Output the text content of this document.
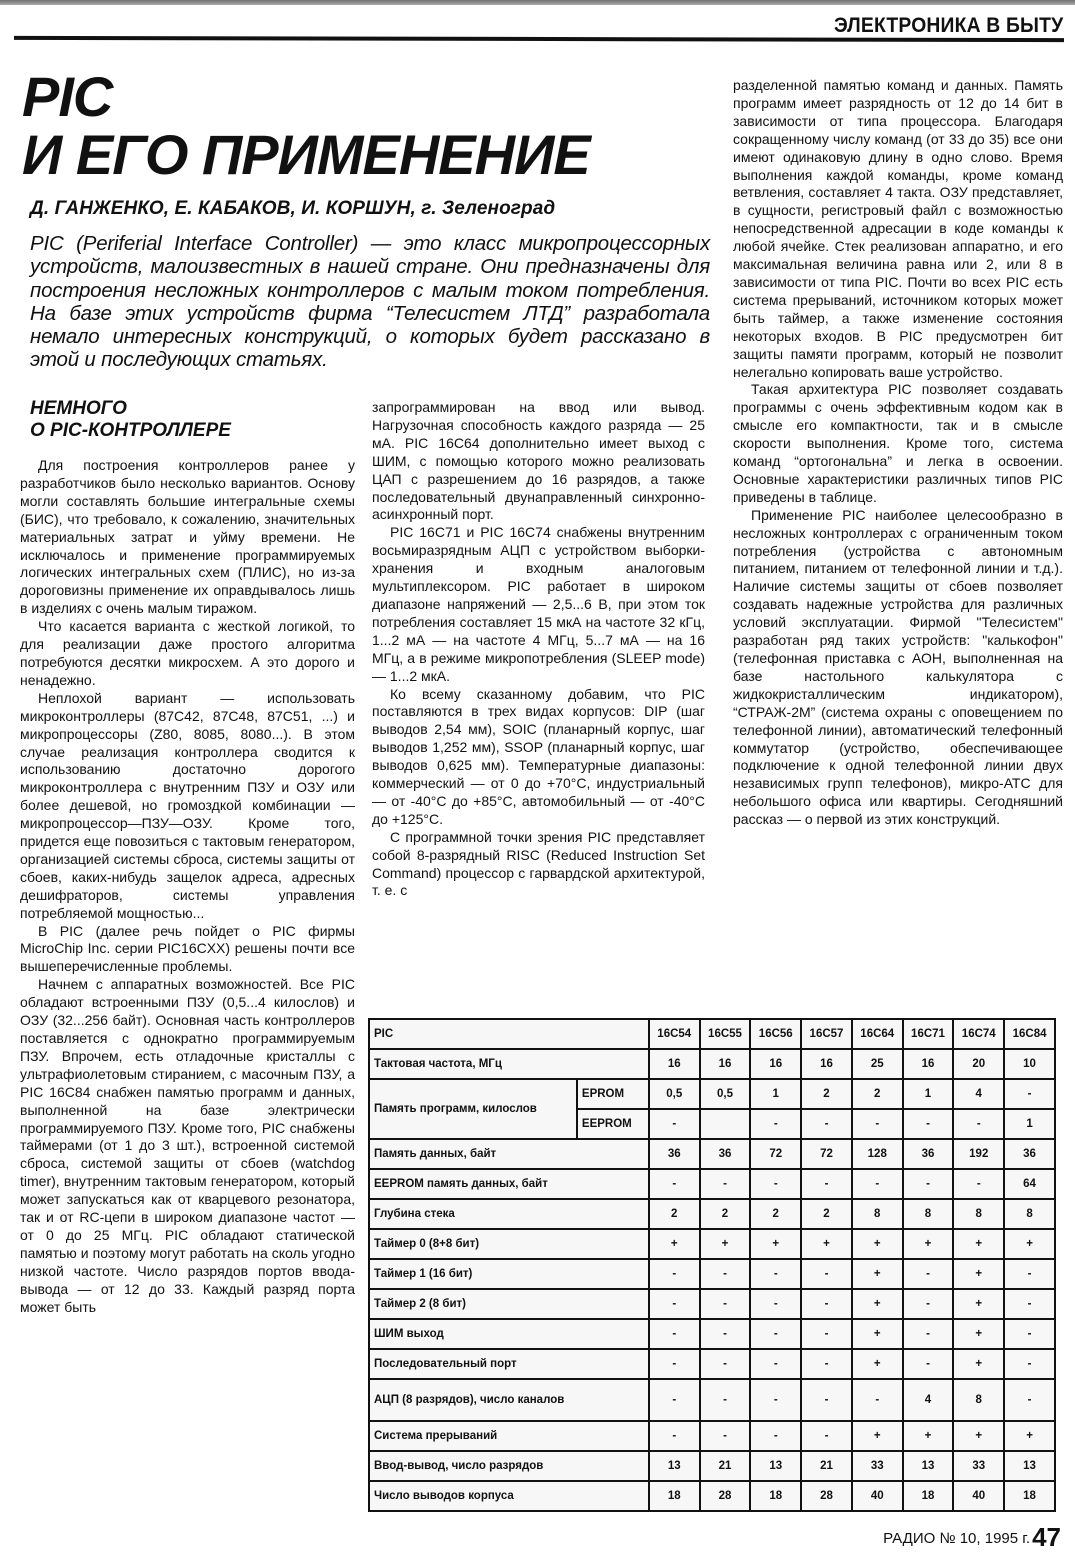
ЭЛЕКТРОНИКА В БЫТУ
PIC
И ЕГО ПРИМЕНЕНИЕ
Д. ГАНЖЕНКО, Е. КАБАКОВ, И. КОРШУН, г. Зеленоград
PIC (Periferial Interface Controller) — это класс микропроцессорных устройств, малоизвестных в нашей стране. Они предназначены для построения несложных контроллеров с малым током потребления. На базе этих устройств фирма “Телесистем ЛТД” разработала немало интересных конструкций, о которых будет рассказано в этой и последующих статьях.
НЕМНОГО
О PIC-КОНТРОЛЛЕРЕ

Для построения контроллеров ранее у разработчиков было несколько вариантов. Основу могли составлять большие интегральные схемы (БИС), что требовало, к сожалению, значительных материальных затрат и уйму времени. Не исключалось и применение программируемых логических интегральных схем (ПЛИС), но из-за дороговизны применение их оправдывалось лишь в изделиях с очень малым тиражом.

Что касается варианта с жесткой логикой, то для реализации даже простого алгоритма потребуются десятки микросхем. А это дорого и ненадежно.

Неплохой вариант — использовать микроконтроллеры (87C42, 87C48, 87C51, ...) и микропроцессоры (Z80, 8085, 8080...). В этом случае реализация контроллера сводится к использованию достаточно дорогого микроконтроллера с внутренним ПЗУ и ОЗУ или более дешевой, но громоздкой комбинации — микропроцессор—ПЗУ—ОЗУ. Кроме того, придется еще повозиться с тактовым генератором, организацией системы сброса, системы защиты от сбоев, каких-нибудь защелок адреса, адресных дешифраторов, системы управления потребляемой мощностью...

В PIC (далее речь пойдет о PIC фирмы MicroChip Inc. серии PIC16CXX) решены почти все вышеперечисленные проблемы.

Начнем с аппаратных возможностей. Все PIC обладают встроенными ПЗУ (0,5...4 килослов) и ОЗУ (32...256 байт). Основная часть контроллеров поставляется с однократно программируемым ПЗУ. Впрочем, есть отладочные кристаллы с ультрафиолетовым стиранием, с масочным ПЗУ, а PIC 16C84 снабжен памятью программ и данных, выполненной на базе электрически программируемого ПЗУ. Кроме того, PIC снабжены таймерами (от 1 до 3 шт.), встроенной системой сброса, системой защиты от сбоев (watchdog timer), внутренним тактовым генератором, который может запускаться как от кварцевого резонатора, так и от RC-цепи в широком диапазоне частот — от 0 до 25 МГц. PIC обладают статической памятью и поэтому могут работать на сколь угодно низкой частоте. Число разрядов портов ввода-вывода — от 12 до 33. Каждый разряд порта может быть

запрограммирован на ввод или вывод. Нагрузочная способность каждого разряда — 25 мА. PIC 16C64 дополнительно имеет выход с ШИМ, с помощью которого можно реализовать ЦАП с разрешением до 16 разрядов, а также последовательный двунаправленный синхронно-асинхронный порт.

PIC 16C71 и PIC 16C74 снабжены внутренним восьмиразрядным АЦП с устройством выборки-хранения и входным аналоговым мультиплексором. PIC работает в широком диапазоне напряжений — 2,5...6 В, при этом ток потребления составляет 15 мкА на частоте 32 кГц, 1...2 мА — на частоте 4 МГц, 5...7 мА — на 16 МГц, а в режиме микропотребления (SLEEP mode) — 1...2 мкА.

Ко всему сказанному добавим, что PIC поставляются в трех видах корпусов: DIP (шаг выводов 2,54 мм), SOIC (планарный корпус, шаг выводов 1,252 мм), SSOP (планарный корпус, шаг выводов 0,625 мм). Температурные диапазоны: коммерческий — от 0 до +70°С, индустриальный — от -40°С до +85°С, автомобильный — от -40°С до +125°С.

С программной точки зрения PIC представляет собой 8-разрядный RISC (Reduced Instruction Set Command) процессор с гарвардской архитектурой, т. е. с

разделенной памятью команд и данных. Память программ имеет разрядность от 12 до 14 бит в зависимости от типа процессора. Благодаря сокращенному числу команд (от 33 до 35) все они имеют одинаковую длину в одно слово. Время выполнения каждой команды, кроме команд ветвления, составляет 4 такта. ОЗУ представляет, в сущности, регистровый файл с возможностью непосредственной адресации в коде команды к любой ячейке. Стек реализован аппаратно, и его максимальная величина равна или 2, или 8 в зависимости от типа PIC. Почти во всех PIC есть система прерываний, источником которых может быть таймер, а также изменение состояния некоторых входов. В PIC предусмотрен бит защиты памяти программ, который не позволит нелегально копировать ваше устройство.

Такая архитектура PIC позволяет создавать программы с очень эффективным кодом как в смысле его компактности, так и в смысле скорости выполнения. Кроме того, система команд “ортогональна” и легка в освоении. Основные характеристики различных типов PIC приведены в таблице.

Применение PIC наиболее целесообразно в несложных контроллерах с ограниченным током потребления (устройства с автономным питанием, питанием от телефонной линии и т.д.). Наличие системы защиты от сбоев позволяет создавать надежные устройства для различных условий эксплуатации. Фирмой "Телесистем" разработан ряд таких устройств: "калькофон" (телефонная приставка с АОН, выполненная на базе настольного калькулятора с жидкокристаллическим индикатором), “СТРАЖ-2М” (система охраны с оповещением по телефонной линии), автоматический телефонный коммутатор (устройство, обеспечивающее подключение к одной телефонной линии двух независимых групп телефонов), микро-АТС для небольшого офиса или квартиры. Сегодняшний рассказ — о первой из этих конструкций.

PIC		16C54	16C55	16C56	16C57	16C64	16C71	16C74	16C84
Тактовая частота, МГц		16	16	16	16	25	16	20	10
Память программ, килослов	EPROM	0,5	0,5	1	2	2	1	4	-
	EEPROM	-		-	-	-	-	-	1
Память данных, байт		36	36	72	72	128	36	192	36
EEPROM память данных, байт		-	-	-	-	-	-	-	64
Глубина стека		2	2	2	2	8	8	8	8
Таймер 0 (8+8 бит)		+	+	+	+	+	+	+	+
Таймер 1 (16 бит)		-	-	-	-	+	-	+	-
Таймер 2 (8 бит)		-	-	-	-	+	-	+	-
ШИМ выход		-	-	-	-	+	-	+	-
Последовательный порт		-	-	-	-	+	-	+	-
АЦП (8 разрядов), число каналов		-	-	-	-	-	4	8	-
Система прерываний		-	-	-	-	+	+	+	+
Ввод-вывод, число разрядов		13	21	13	21	33	13	33	13
Число выводов корпуса		18	28	18	28	40	18	40	18
РАДИО № 10, 1995 г.47
